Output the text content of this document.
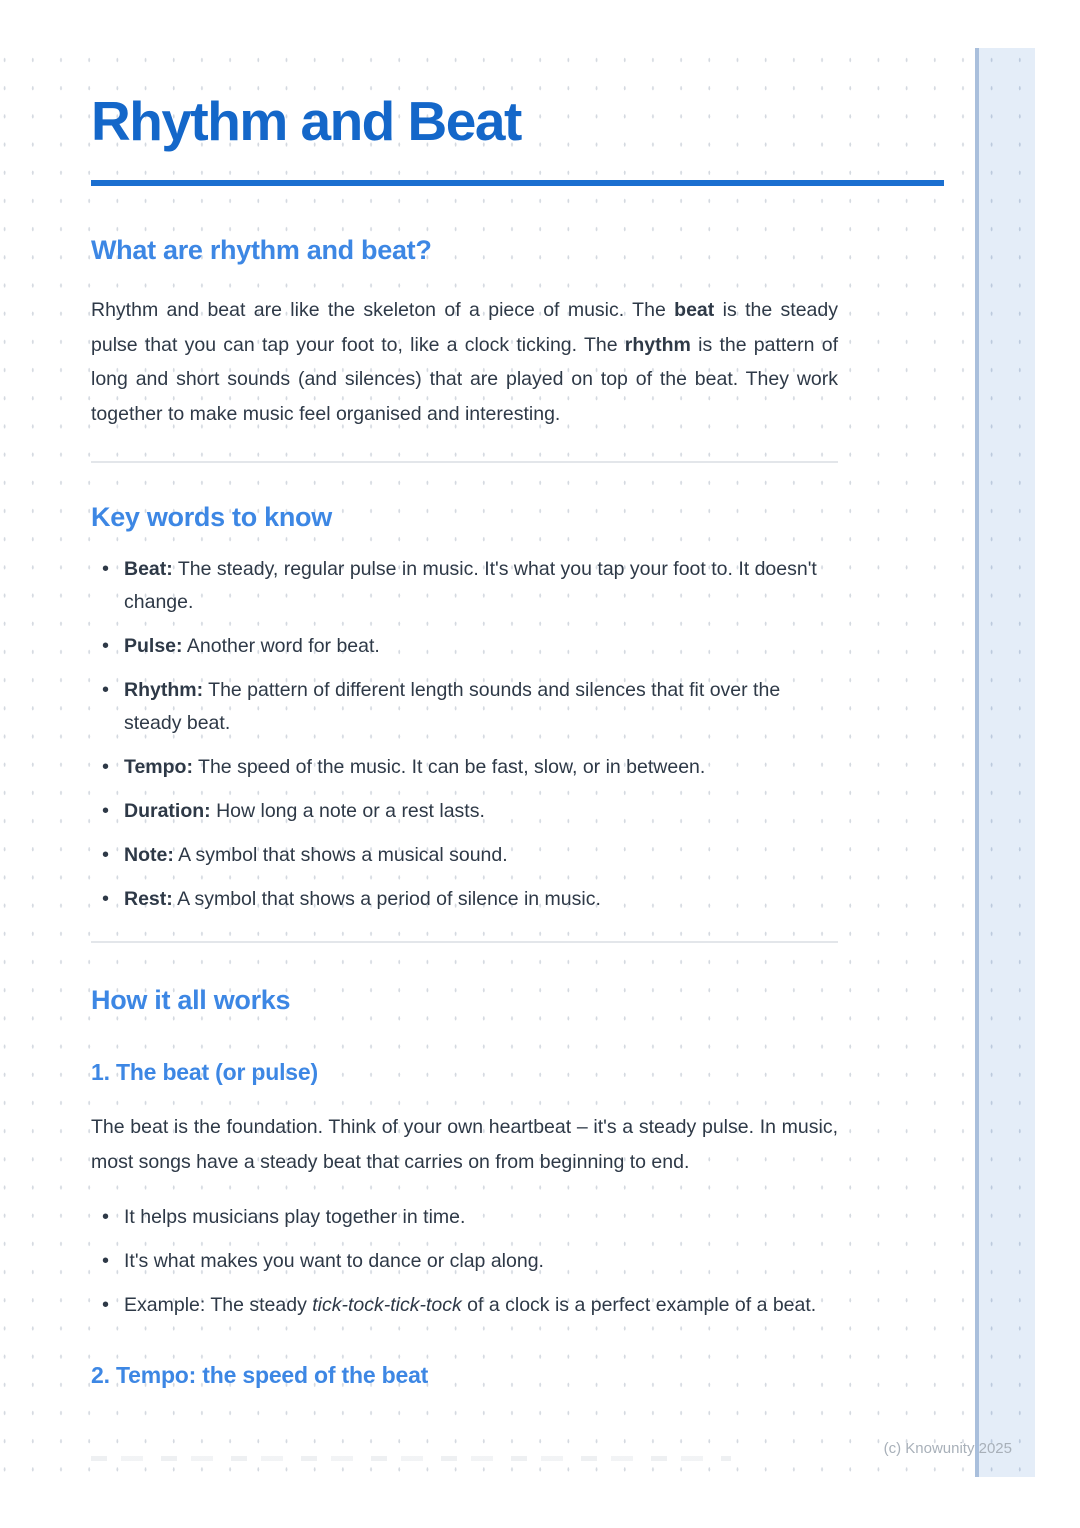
Rhythm and Beat
What are rhythm and beat?

Rhythm and beat are like the skeleton of a piece of music. The beat is the steady pulse that you can tap your foot to, like a clock ticking. The rhythm is the pattern of long and short sounds (and silences) that are played on top of the beat. They work together to make music feel organised and interesting.

Key words to know
• Beat: The steady, regular pulse in music. It's what you tap your foot to. It doesn't change.
• Pulse: Another word for beat.
• Rhythm: The pattern of different length sounds and silences that fit over the steady beat.
• Tempo: The speed of the music. It can be fast, slow, or in between.
• Duration: How long a note or a rest lasts.
• Note: A symbol that shows a musical sound.
• Rest: A symbol that shows a period of silence in music.
How it all works
1. The beat (or pulse)

The beat is the foundation. Think of your own heartbeat – it's a steady pulse. In music, most songs have a steady beat that carries on from beginning to end.

• It helps musicians play together in time.
• It's what makes you want to dance or clap along.
• Example: The steady tick-tock-tick-tock of a clock is a perfect example of a beat.
2. Tempo: the speed of the beat
(c) Knowunity 2025
